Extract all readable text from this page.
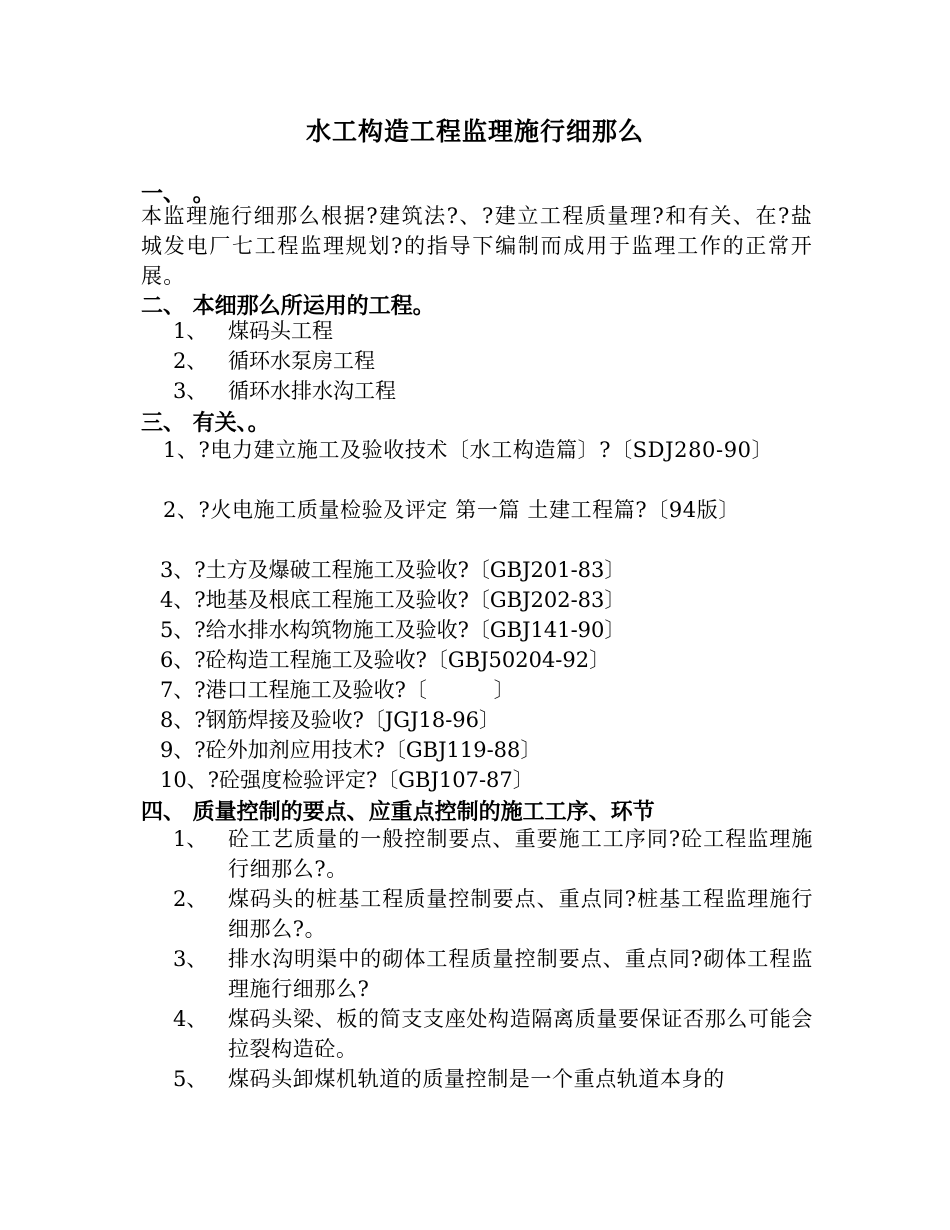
水工构造工程监理施行细那么
一、 。
本监理施行细那么根据?建筑法?、?建立工程质量理?和有关、在?盐城发电厂七工程监理规划?的指导下编制而成用于监理工作的正常开展。
二、 本细那么所运用的工程。
1、 煤码头工程
2、 循环水泵房工程
3、 循环水排水沟工程
三、 有关、。
1、?电力建立施工及验收技术〔水工构造篇〕?〔SDJ280-90〕
2、?火电施工质量检验及评定 第一篇 土建工程篇?〔94版〕
3、?土方及爆破工程施工及验收?〔GBJ201-83〕
4、?地基及根底工程施工及验收?〔GBJ202-83〕
5、?给水排水构筑物施工及验收?〔GBJ141-90〕
6、?砼构造工程施工及验收?〔GBJ50204-92〕
7、?港口工程施工及验收?〔          〕
8、?钢筋焊接及验收?〔JGJ18-96〕
9、?砼外加剂应用技术?〔GBJ119-88〕
10、?砼强度检验评定?〔GBJ107-87〕
四、 质量控制的要点、应重点控制的施工工序、环节
1、 砼工艺质量的一般控制要点、重要施工工序同?砼工程监理施行细那么?。
2、 煤码头的桩基工程质量控制要点、重点同?桩基工程监理施行细那么?。
3、 排水沟明渠中的砌体工程质量控制要点、重点同?砌体工程监理施行细那么?
4、 煤码头梁、板的简支支座处构造隔离质量要保证否那么可能会拉裂构造砼。
5、 煤码头卸煤机轨道的质量控制是一个重点轨道本身的
